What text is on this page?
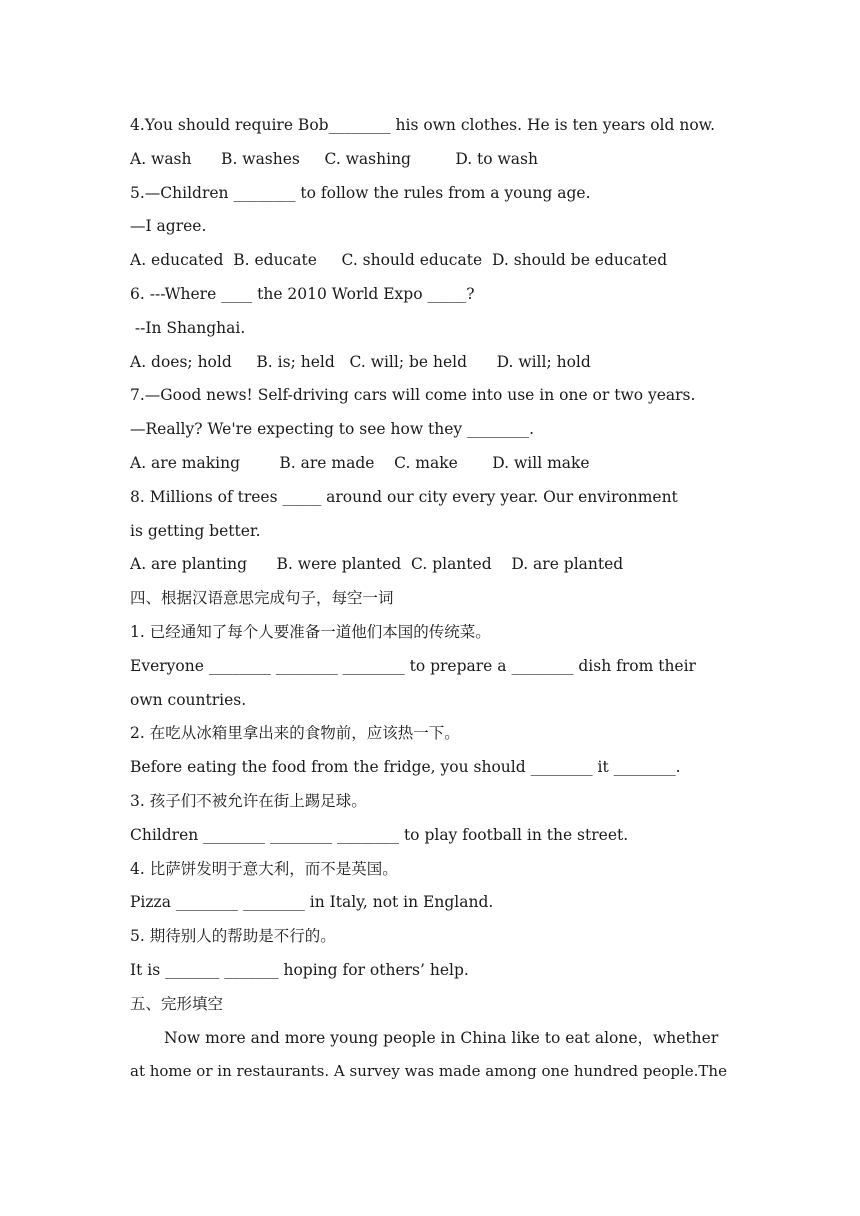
4.You should require Bob________ his own clothes. He is ten years old now.
A. wash      B. washes     C. washing         D. to wash
5.—Children ________ to follow the rules from a young age.
—I agree.
A. educated  B. educate     C. should educate  D. should be educated
6. ---Where ____ the 2010 World Expo _____?
--In Shanghai.
A. does; hold     B. is; held   C. will; be held      D. will; hold
7.—Good news! Self-driving cars will come into use in one or two years.
—Really? We're expecting to see how they ________.
A. are making        B. are made    C. make       D. will make
8. Millions of trees _____ around our city every year. Our environment
is getting better.
A. are planting      B. were planted  C. planted    D. are planted
四、根据汉语意思完成句子，每空一词
1. 已经通知了每个人要准备一道他们本国的传统菜。
Everyone ________ ________ ________ to prepare a ________ dish from their
own countries.
2. 在吃从冰箱里拿出来的食物前，应该热一下。
Before eating the food from the fridge, you should ________ it ________.
3. 孩子们不被允许在街上踢足球。
Children ________ ________ ________ to play football in the street.
4. 比萨饼发明于意大利，而不是英国。
Pizza ________ ________ in Italy, not in England.
5. 期待别人的帮助是不行的。
It is _______ _______ hoping for others’ help.
五、完形填空
Now more and more young people in China like to eat alone，whether
at home or in restaurants. A survey was made among one hundred people.The
